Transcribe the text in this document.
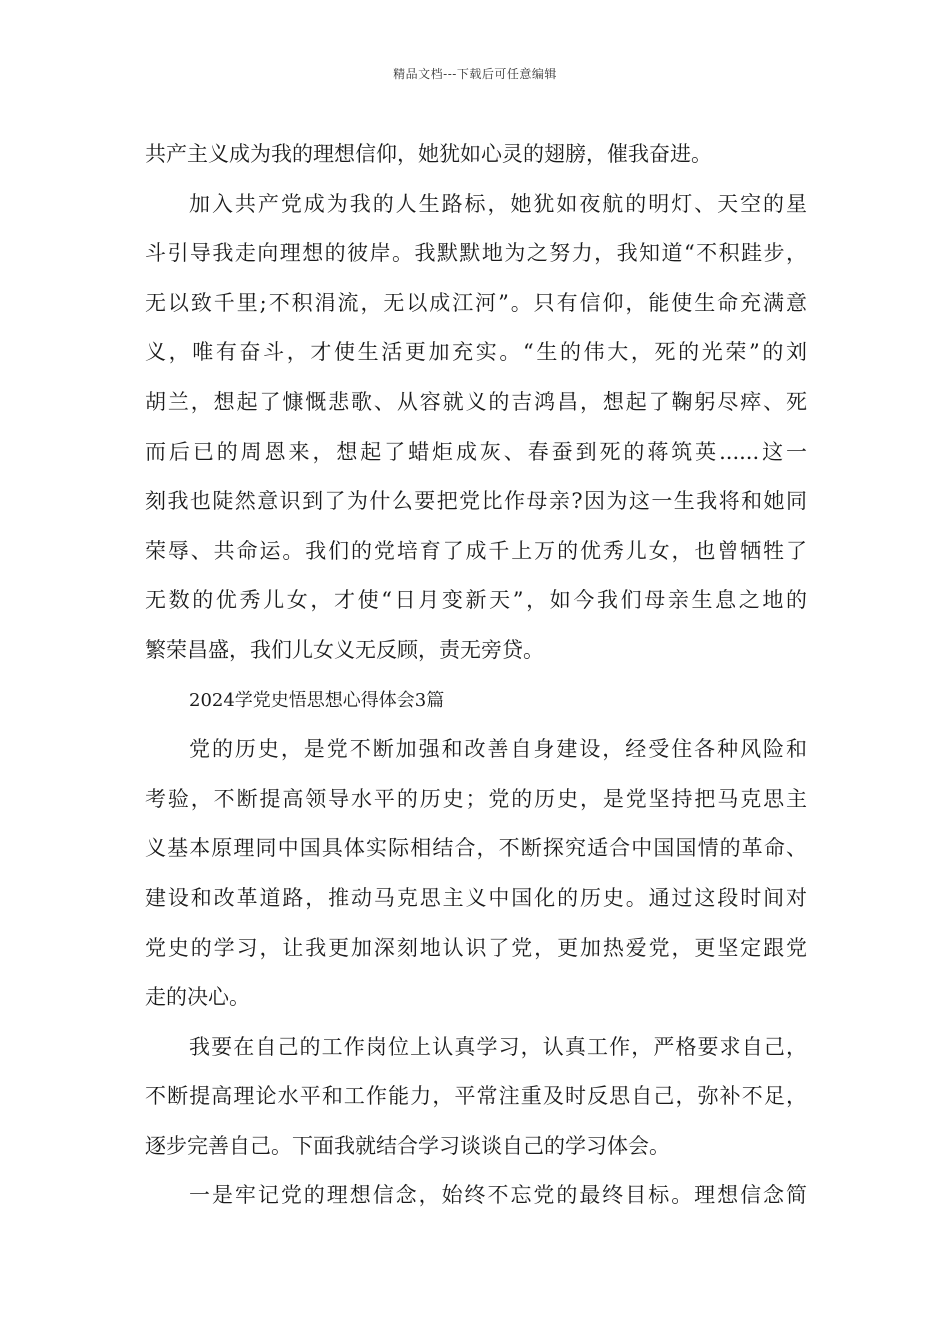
精品文档---下载后可任意编辑
共产主义成为我的理想信仰，她犹如心灵的翅膀，催我奋进。
加入共产党成为我的人生路标，她犹如夜航的明灯、天空的星
斗引导我走向理想的彼岸。我默默地为之努力，我知道“不积跬步，
无以致千里;不积涓流，无以成江河”。只有信仰，能使生命充满意
义，唯有奋斗，才使生活更加充实。“生的伟大，死的光荣”的刘
胡兰，想起了慷慨悲歌、从容就义的吉鸿昌，想起了鞠躬尽瘁、死
而后已的周恩来，想起了蜡炬成灰、春蚕到死的蒋筑英......这一
刻我也陡然意识到了为什么要把党比作母亲?因为这一生我将和她同
荣辱、共命运。我们的党培育了成千上万的优秀儿女，也曾牺牲了
无数的优秀儿女，才使“日月变新天”，如今我们母亲生息之地的
繁荣昌盛，我们儿女义无反顾，责无旁贷。
2024学党史悟思想心得体会3篇
党的历史，是党不断加强和改善自身建设，经受住各种风险和
考验，不断提高领导水平的历史；党的历史，是党坚持把马克思主
义基本原理同中国具体实际相结合，不断探究适合中国国情的革命、
建设和改革道路，推动马克思主义中国化的历史。通过这段时间对
党史的学习，让我更加深刻地认识了党，更加热爱党，更坚定跟党
走的决心。
我要在自己的工作岗位上认真学习，认真工作，严格要求自己，
不断提高理论水平和工作能力，平常注重及时反思自己，弥补不足，
逐步完善自己。下面我就结合学习谈谈自己的学习体会。
一是牢记党的理想信念，始终不忘党的最终目标。理想信念简
